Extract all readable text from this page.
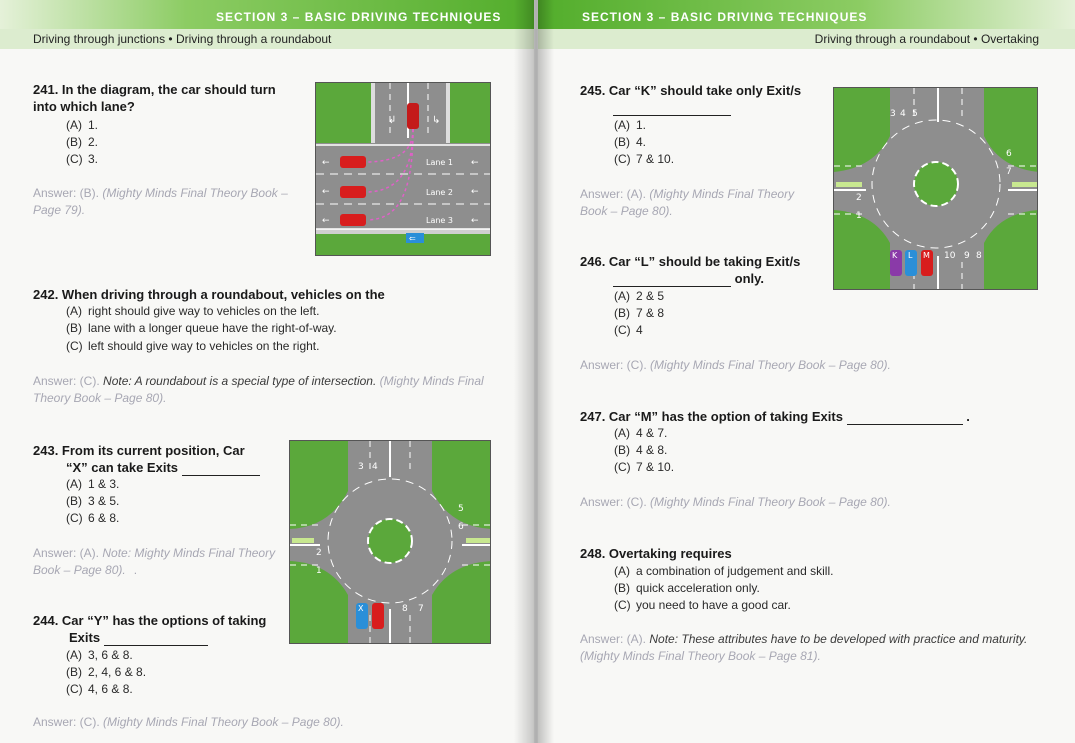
SECTION 3 – BASIC DRIVING TECHNIQUES	SECTION 3 – BASIC DRIVING TECHNIQUES
Driving through junctions • Driving through a roundabout	Driving through a roundabout • Overtaking
241. In the diagram, the car should turn into which lane?
(A) 1.
(B) 2.
(C) 3.
Answer: (B). (Mighty Minds Final Theory Book – Page 79).
←
←
←
←
←
←
↲	↳
Lane 1
Lane 2
Lane 3
⇐
242. When driving through a roundabout, vehicles on the
(A) right should give way to vehicles on the left.
(B) lane with a longer queue have the right-of-way.
(C) left should give way to vehicles on the right.
Answer: (C). Note: A roundabout is a special type of intersection. (Mighty Minds Final Theory Book – Page 80).
243. From its current position, Car
“X” can take Exits
(A) 1 & 3.
(B) 3 & 5.
(C) 6 & 8.
Answer: (A). Note: Mighty Minds Final Theory Book – Page 80). .
3 4
5
6
2
1
8 7
X
244. Car “Y” has the options of taking
Exits
(A) 3, 6 & 8.
(B) 2, 4, 6 & 8.
(C) 4, 6 & 8.
Answer: (C). (Mighty Minds Final Theory Book – Page 80).
245. Car “K” should take only Exit/s
(A) 1.
(B) 4.
(C) 7 & 10.
Answer: (A). (Mighty Minds Final Theory Book – Page 80).
3 4 5
6
7
2
1
10 9 8
K L M
246. Car “L” should be taking Exit/s
only.
(A) 2 & 5
(B) 7 & 8
(C) 4
Answer: (C). (Mighty Minds Final Theory Book – Page 80).
247. Car “M” has the option of taking Exits	.
(A) 4 & 7.
(B) 4 & 8.
(C) 7 & 10.
Answer: (C). (Mighty Minds Final Theory Book – Page 80).
248. Overtaking requires
(A) a combination of judgement and skill.
(B) quick acceleration only.
(C) you need to have a good car.
Answer: (A). Note: These attributes have to be developed with practice and maturity. (Mighty Minds Final Theory Book – Page 81).
